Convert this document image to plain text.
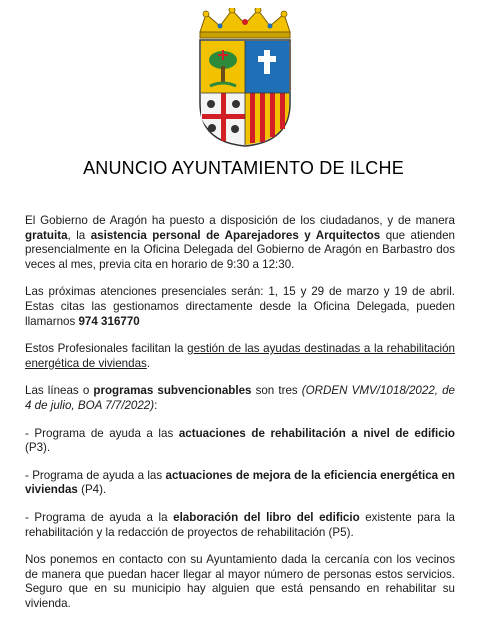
ANUNCIO AYUNTAMIENTO DE ILCHE

El Gobierno de Aragón ha puesto a disposición de los ciudadanos, y de manera gratuita, la asistencia personal de Aparejadores y Arquitectos que atienden presencialmente en la Oficina Delegada del Gobierno de Aragón en Barbastro dos veces al mes, previa cita en horario de 9:30 a 12:30.

Las próximas atenciones presenciales serán: 1, 15 y 29 de marzo y 19 de abril. Estas citas las gestionamos directamente desde la Oficina Delegada, pueden llamarnos 974 316770

Estos Profesionales facilitan la gestión de las ayudas destinadas a la rehabilitación energética de viviendas.

Las líneas o programas subvencionables son tres (ORDEN VMV/1018/2022, de 4 de julio, BOA 7/7/2022):

- Programa de ayuda a las actuaciones de rehabilitación a nivel de edificio (P3).

- Programa de ayuda a las actuaciones de mejora de la eficiencia energética en viviendas (P4).

- Programa de ayuda a la elaboración del libro del edificio existente para la rehabilitación y la redacción de proyectos de rehabilitación (P5).

Nos ponemos en contacto con su Ayuntamiento dada la cercanía con los vecinos de manera que puedan hacer llegar al mayor número de personas estos servicios. Seguro que en su municipio hay alguien que está pensando en rehabilitar su vivienda.
